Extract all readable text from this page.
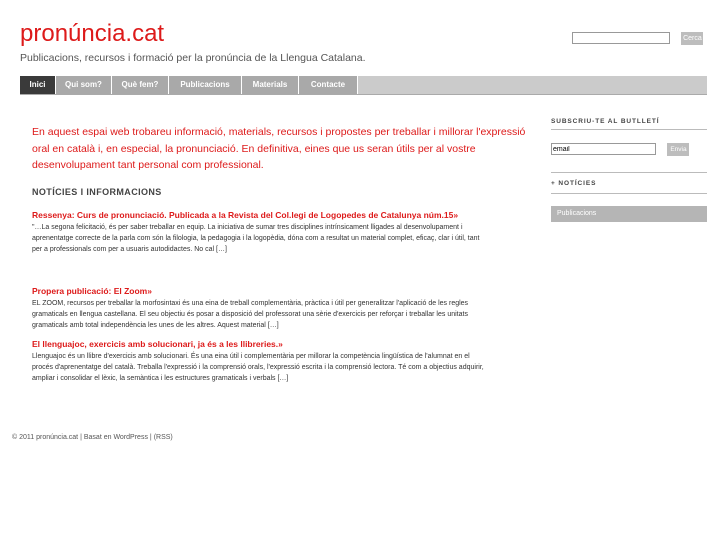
pronúncia.cat
Publicacions, recursos i formació per la pronúncia de la Llengua Catalana.
Cerca
Inici	Qui som?	Què fem?	Publicacions	Materials	Contacte
En aquest espai web trobareu informació, materials, recursos i propostes per treballar i millorar l'expressió oral en català i, en especial, la pronunciació. En definitiva, eines que us seran útils per al vostre desenvolupament tant personal com professional.
NOTÍCIES I INFORMACIONS
Ressenya: Curs de pronunciació. Publicada a la Revista del Col.legi de Logopedes de Catalunya núm.15»

"…La segona felicitació, és per saber treballar en equip. La iniciativa de sumar tres disciplines intrínsicament lligades al desenvolupament i aprenentatge correcte de la parla com són la filologia, la pedagogia i la logopèdia, dóna com a resultat un material complet, eficaç, clar i útil, tant per a professionals com per a usuaris autodidactes. No cal […]

Propera publicació: El Zoom»

EL ZOOM, recursos per treballar la morfosintaxi és una eina de treball complementària, pràctica i útil per generalitzar l'aplicació de les regles gramaticals en llengua castellana. El seu objectiu és posar a disposició del professorat una sèrie d'exercicis per reforçar i treballar les unitats gramaticals amb total independència les unes de les altres. Aquest material […]

El llenguajoc, exercicis amb solucionari, ja és a les llibreries.»

Llenguajoc és un llibre d'exercicis amb solucionari. És una eina útil i complementària per millorar la competència lingüística de l'alumnat en el procés d'aprenentatge del català. Treballa l'expressió i la comprensió orals, l'expressió escrita i la comprensió lectora. Té com a objectius adquirir, ampliar i consolidar el lèxic, la semàntica i les estructures gramaticals i verbals […]

SUBSCRIU-TE AL BUTLLETÍ
email Envia
+ NOTÍCIES
Publicacions
© 2011 pronúncia.cat | Basat en WordPress | (RSS)
